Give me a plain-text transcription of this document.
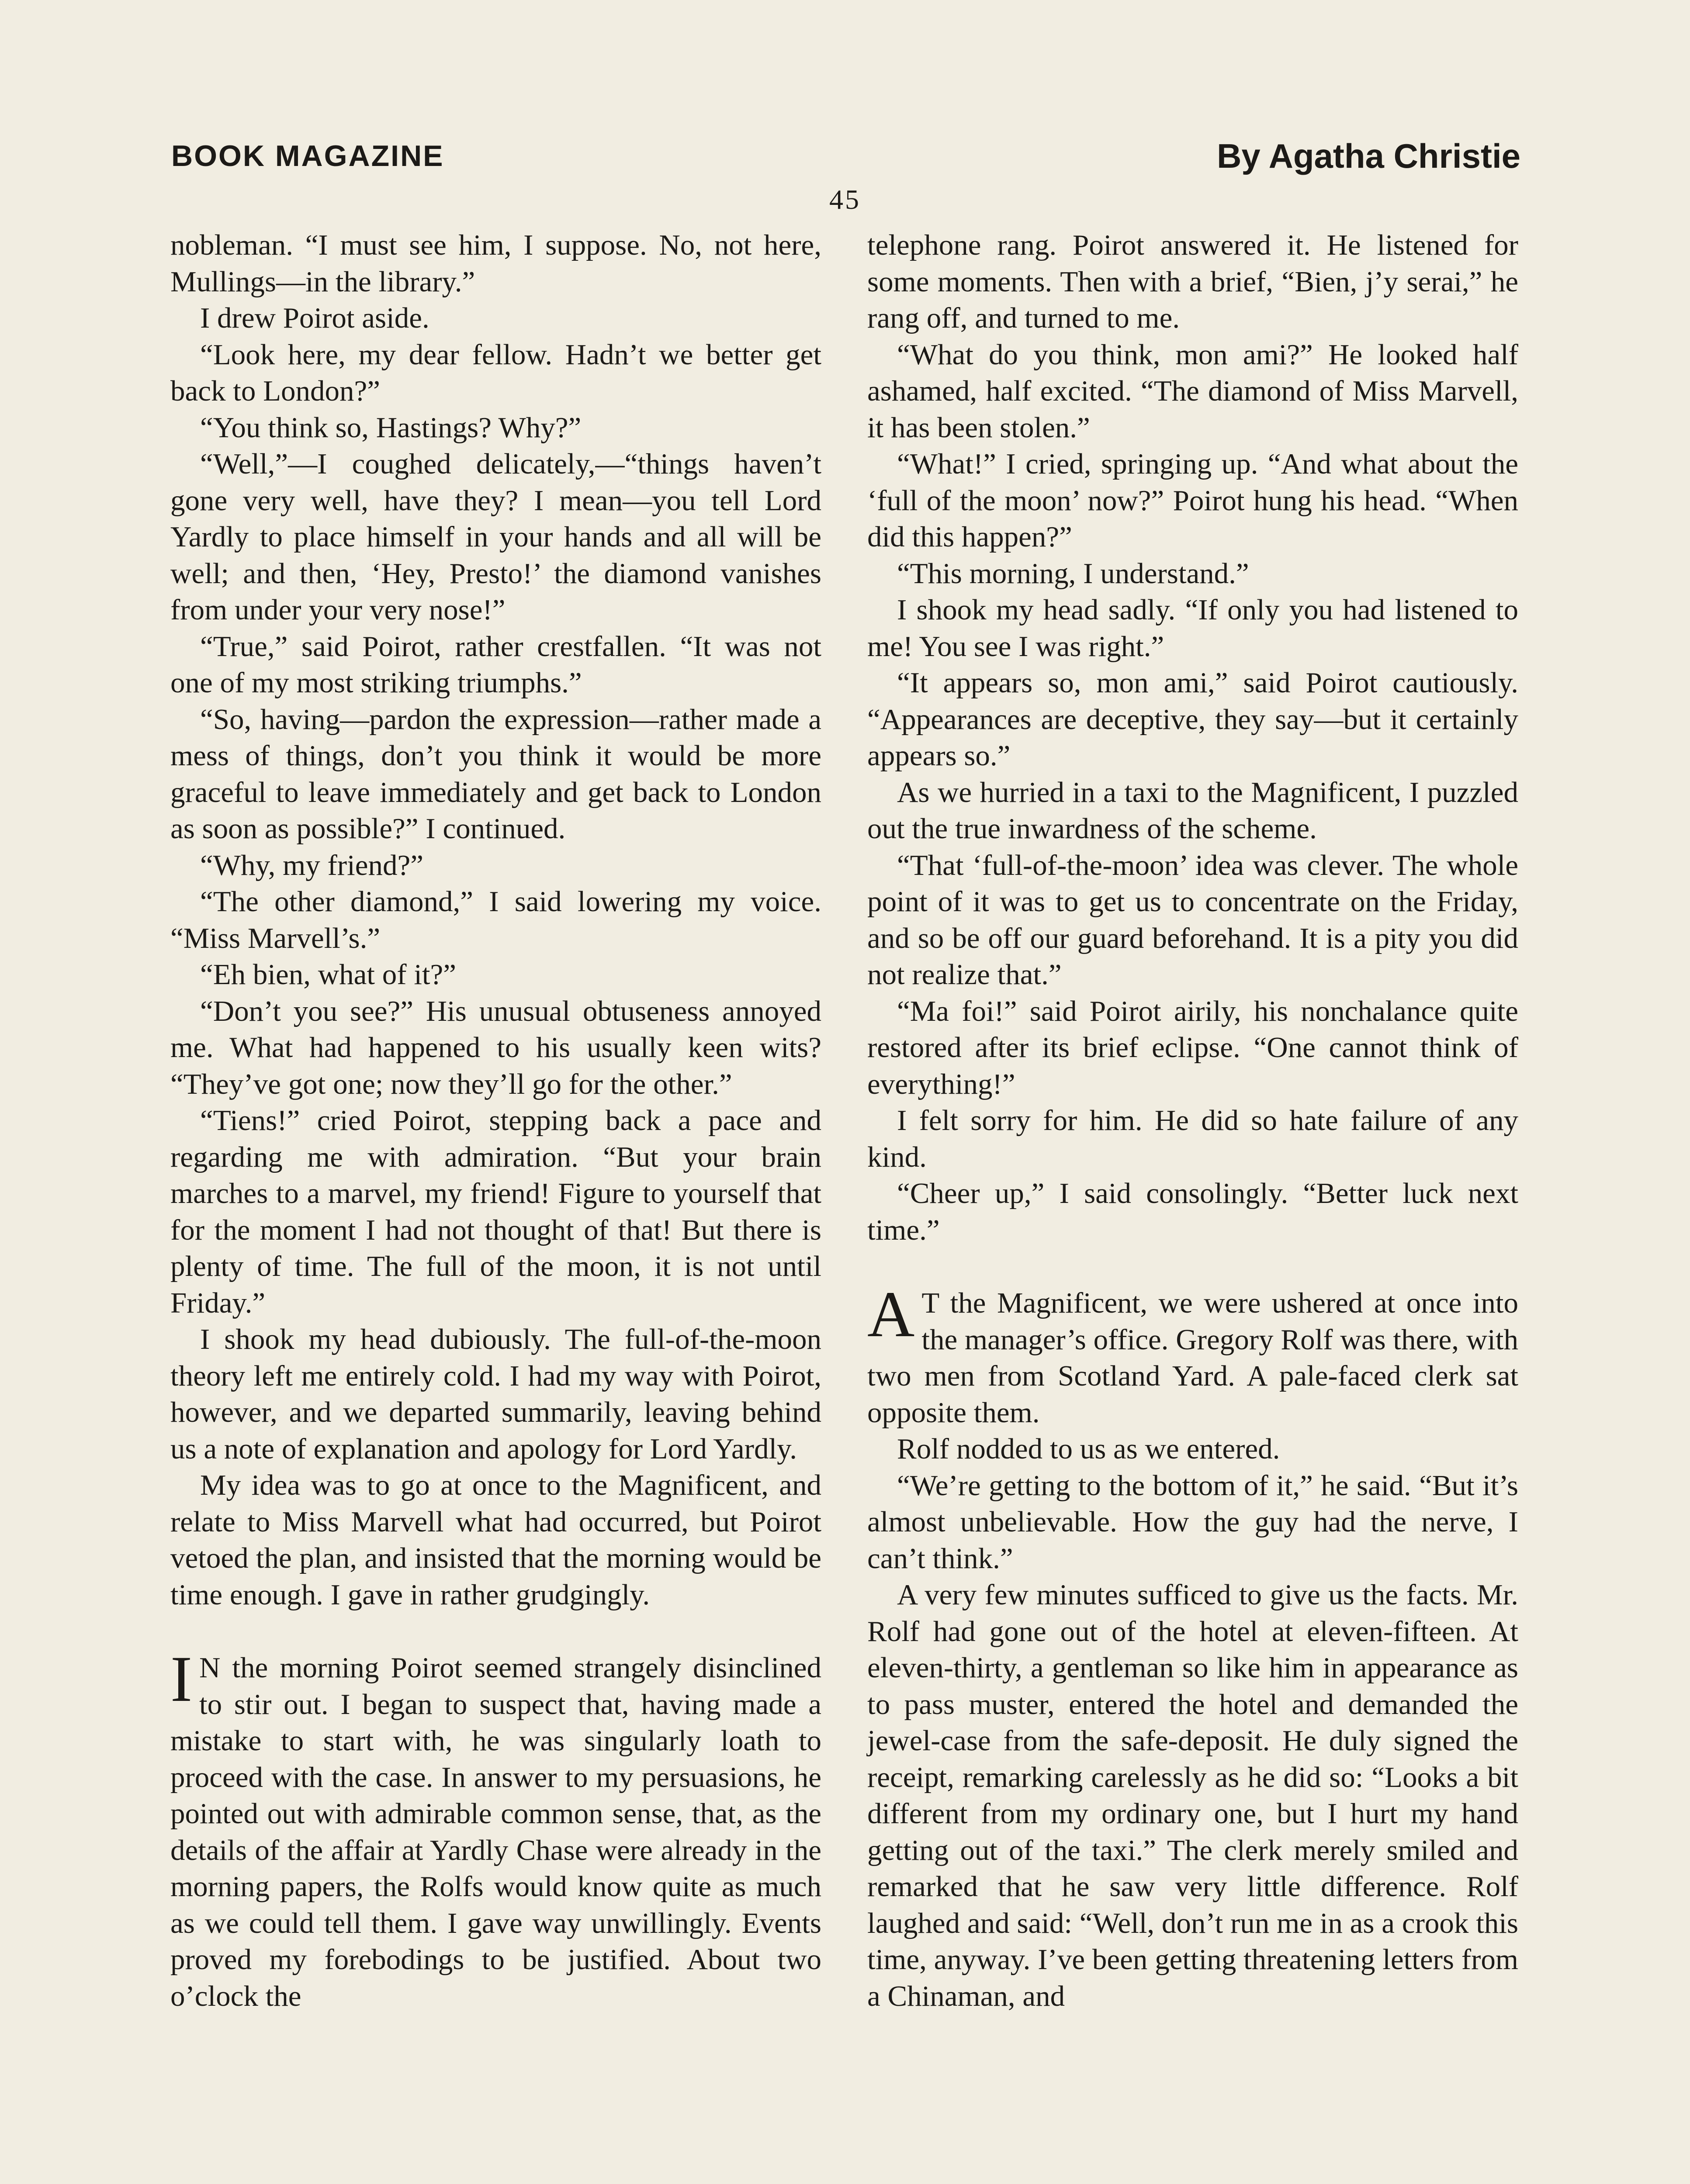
BOOK MAGAZINE	By Agatha Christie
45

nobleman. “I must see him, I suppose. No, not here, Mullings—in the library.”

I drew Poirot aside.

“Look here, my dear fellow. Hadn’t we better get back to London?”

“You think so, Hastings? Why?”

“Well,”—I coughed delicately,—“things haven’t gone very well, have they? I mean—you tell Lord Yardly to place himself in your hands and all will be well; and then, ‘Hey, Presto!’ the diamond vanishes from under your very nose!”

“True,” said Poirot, rather crestfallen. “It was not one of my most striking triumphs.”

“So, having—pardon the expression—rather made a mess of things, don’t you think it would be more graceful to leave immediately and get back to London as soon as possible?” I continued.

“Why, my friend?”

“The other diamond,” I said lowering my voice. “Miss Marvell’s.”

“Eh bien, what of it?”

“Don’t you see?” His unusual obtuseness annoyed me. What had happened to his usually keen wits? “They’ve got one; now they’ll go for the other.”

“Tiens!” cried Poirot, stepping back a pace and regarding me with admiration. “But your brain marches to a marvel, my friend! Figure to yourself that for the moment I had not thought of that! But there is plenty of time. The full of the moon, it is not until Friday.”

I shook my head dubiously. The full-of-the-moon theory left me entirely cold. I had my way with Poirot, however, and we departed summarily, leaving behind us a note of explanation and apology for Lord Yardly.

My idea was to go at once to the Magnificent, and relate to Miss Marvell what had occurred, but Poirot vetoed the plan, and insisted that the morning would be time enough. I gave in rather grudgingly.

I N the morning Poirot seemed strangely disinclined to stir out. I began to suspect that, having made a mistake to start with, he was singularly loath to proceed with the case. In answer to my persuasions, he pointed out with admirable common sense, that, as the details of the affair at Yardly Chase were already in the morning papers, the Rolfs would know quite as much as we could tell them. I gave way unwillingly. Events proved my forebodings to be justified. About two o’clock the

telephone rang. Poirot answered it. He listened for some moments. Then with a brief, “Bien, j’y serai,” he rang off, and turned to me.

“What do you think, mon ami?” He looked half ashamed, half excited. “The diamond of Miss Marvell, it has been stolen.”

“What!” I cried, springing up. “And what about the ‘full of the moon’ now?” Poirot hung his head. “When did this happen?”

“This morning, I understand.”

I shook my head sadly. “If only you had listened to me! You see I was right.”

“It appears so, mon ami,” said Poirot cautiously. “Appearances are deceptive, they say—but it certainly appears so.”

As we hurried in a taxi to the Magnificent, I puzzled out the true inwardness of the scheme.

“That ‘full-of-the-moon’ idea was clever. The whole point of it was to get us to concentrate on the Friday, and so be off our guard beforehand. It is a pity you did not realize that.”

“Ma foi!” said Poirot airily, his nonchalance quite restored after its brief eclipse. “One cannot think of everything!”

I felt sorry for him. He did so hate failure of any kind.

“Cheer up,” I said consolingly. “Better luck next time.”

A T the Magnificent, we were ushered at once into the manager’s office. Gregory Rolf was there, with two men from Scotland Yard. A pale-faced clerk sat opposite them.

Rolf nodded to us as we entered.

“We’re getting to the bottom of it,” he said. “But it’s almost unbelievable. How the guy had the nerve, I can’t think.”

A very few minutes sufficed to give us the facts. Mr. Rolf had gone out of the hotel at eleven-fifteen. At eleven-thirty, a gentleman so like him in appearance as to pass muster, entered the hotel and demanded the jewel-case from the safe-deposit. He duly signed the receipt, remarking carelessly as he did so: “Looks a bit different from my ordinary one, but I hurt my hand getting out of the taxi.” The clerk merely smiled and remarked that he saw very little difference. Rolf laughed and said: “Well, don’t run me in as a crook this time, anyway. I’ve been getting threatening letters from a Chinaman, and
